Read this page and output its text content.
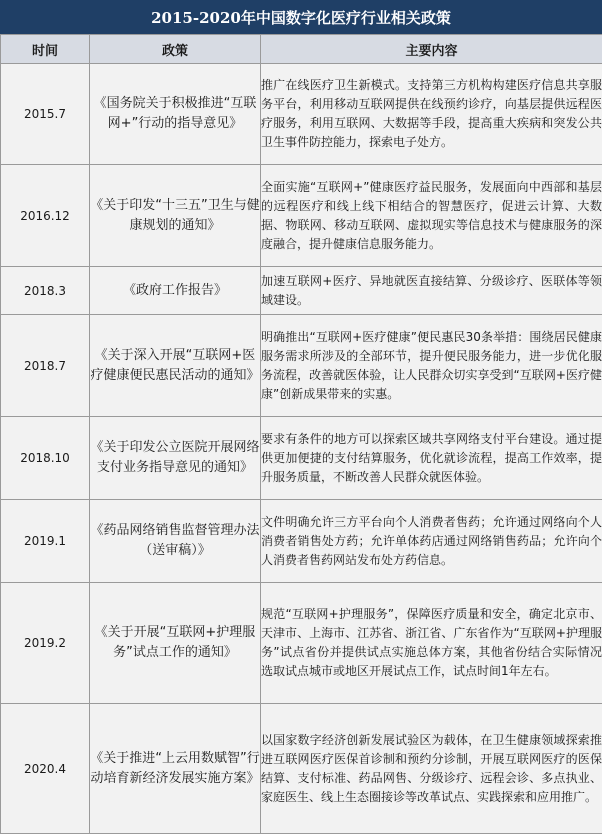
2015-2020年中国数字化医疗行业相关政策
时间	政策	主要内容
2015.7	《国务院关于积极推进“互联网+”行动的指导意见》	推广在线医疗卫生新模式。支持第三方机构构建医疗信息共享服务平台，利用移动互联网提供在线预约诊疗，向基层提供远程医疗服务，利用互联网、大数据等手段，提高重大疾病和突发公共卫生事件防控能力，探索电子处方。
2016.12	《关于印发“十三五”卫生与健康规划的通知》	全面实施“互联网+”健康医疗益民服务，发展面向中西部和基层的远程医疗和线上线下相结合的智慧医疗，促进云计算、大数据、物联网、移动互联网、虚拟现实等信息技术与健康服务的深度融合，提升健康信息服务能力。
2018.3	《政府工作报告》	加速互联网+医疗、异地就医直接结算、分级诊疗、医联体等领域建设。
2018.7	《关于深入开展“互联网+医疗健康便民惠民活动的通知》	明确推出“互联网+医疗健康”便民惠民30条举措：围绕居民健康服务需求所涉及的全部环节，提升便民服务能力，进一步优化服务流程，改善就医体验，让人民群众切实享受到“互联网+医疗健康”创新成果带来的实惠。
2018.10	《关于印发公立医院开展网络支付业务指导意见的通知》	要求有条件的地方可以探索区域共享网络支付平台建设。通过提供更加便捷的支付结算服务，优化就诊流程，提高工作效率，提升服务质量，不断改善人民群众就医体验。
2019.1	《药品网络销售监督管理办法（送审稿）》	文件明确允许三方平台向个人消费者售药；允许通过网络向个人消费者销售处方药；允许单体药店通过网络销售药品；允许向个人消费者售药网站发布处方药信息。
2019.2	《关于开展“互联网+护理服务”试点工作的通知》	规范“互联网+护理服务”，保障医疗质量和安全，确定北京市、天津市、上海市、江苏省、浙江省、广东省作为“互联网+护理服务”试点省份并提供试点实施总体方案，其他省份结合实际情况选取试点城市或地区开展试点工作，试点时间1年左右。
2020.4	《关于推进“上云用数赋智”行动培育新经济发展实施方案》	以国家数字经济创新发展试验区为载体，在卫生健康领域探索推进互联网医疗医保首诊制和预约分诊制，开展互联网医疗的医保结算、支付标准、药品网售、分级诊疗、远程会诊、多点执业、家庭医生、线上生态圈接诊等改革试点、实践探索和应用推广。
